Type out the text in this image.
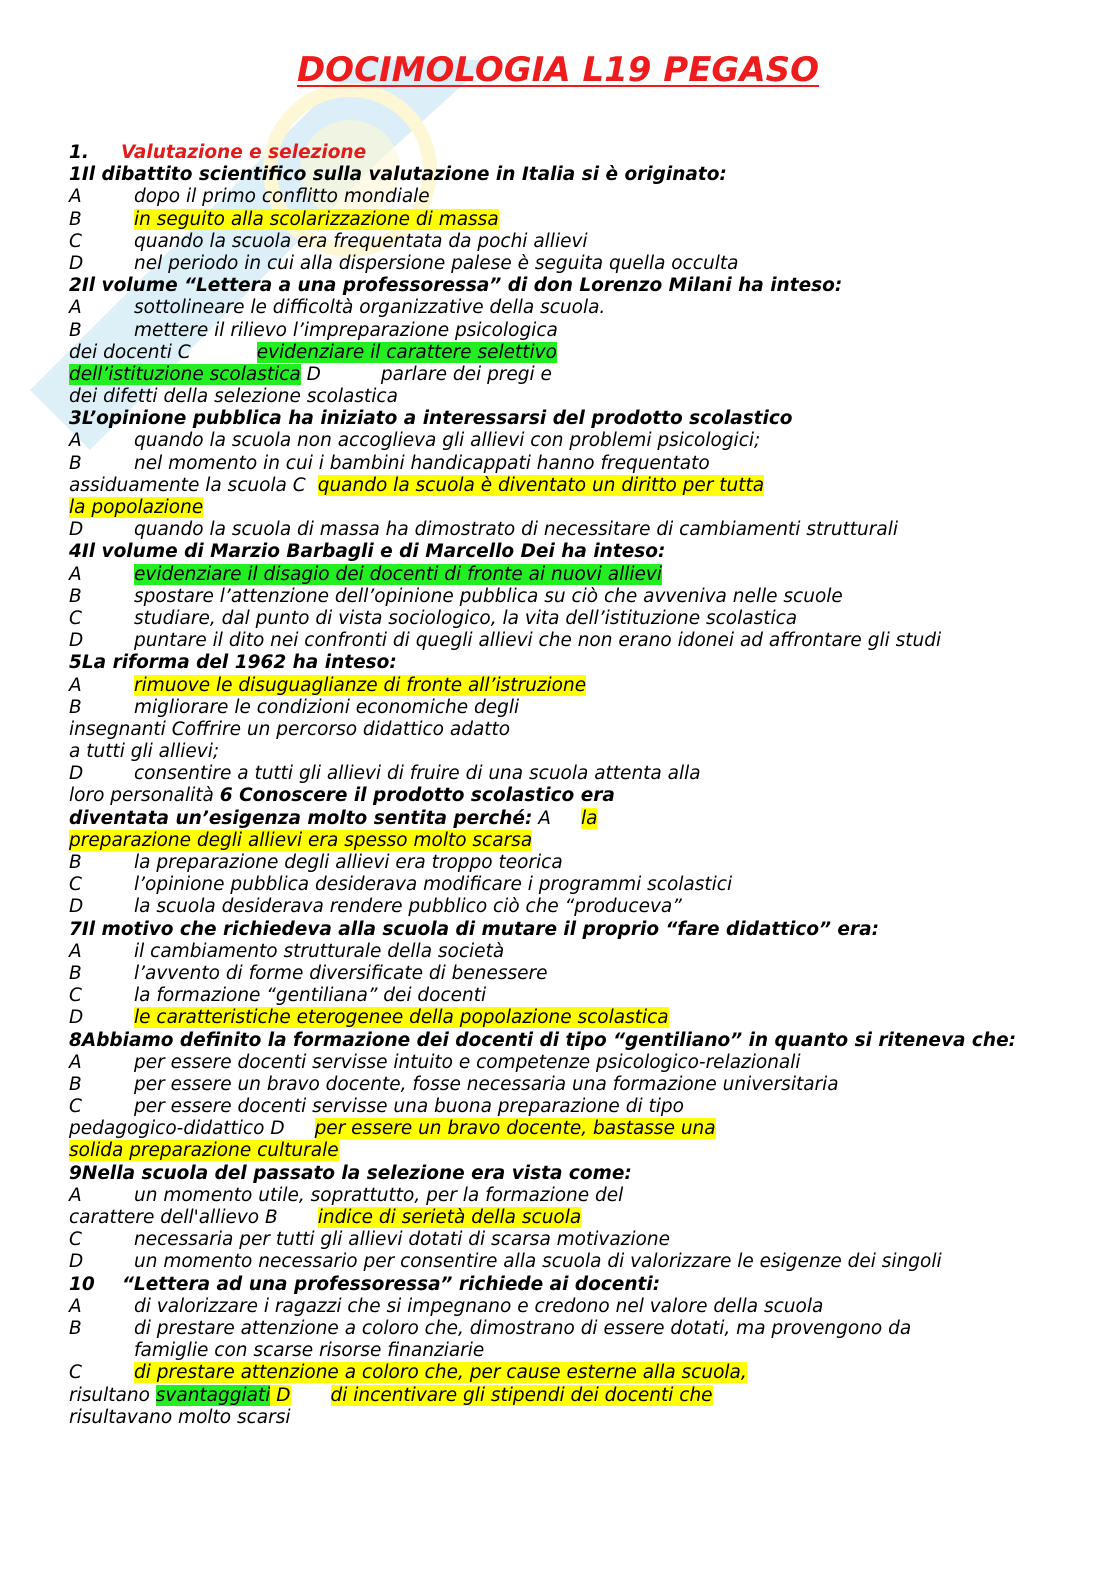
DOCIMOLOGIA L19 PEGASO
1. Valutazione e selezione
1Il dibattito scientifico sulla valutazione in Italia si è originato:
A	dopo il primo conflitto mondiale
B	in seguito alla scolarizzazione di massa
C	quando la scuola era frequentata da pochi allievi
D	nel periodo in cui alla dispersione palese è seguita quella occulta
2Il volume “Lettera a una professoressa” di don Lorenzo Milani ha inteso:
A	sottolineare le difficoltà organizzative della scuola.
B	mettere il rilievo l’impreparazione psicologica
dei docenti C	evidenziare il carattere selettivo
dell’istituzione scolastica D	parlare dei pregi e
dei difetti della selezione scolastica
3L’opinione pubblica ha iniziato a interessarsi del prodotto scolastico
A	quando la scuola non accoglieva gli allievi con problemi psicologici;
B	nel momento in cui i bambini handicappati hanno frequentato
assiduamente la scuola C quando la scuola è diventato un diritto per tutta
la popolazione
D	quando la scuola di massa ha dimostrato di necessitare di cambiamenti strutturali
4Il volume di Marzio Barbagli e di Marcello Dei ha inteso:
A	evidenziare il disagio dei docenti di fronte ai nuovi allievi
B	spostare l’attenzione dell’opinione pubblica su ciò che avveniva nelle scuole
C	studiare, dal punto di vista sociologico, la vita dell’istituzione scolastica
D	puntare il dito nei confronti di quegli allievi che non erano idonei ad affrontare gli studi
5La riforma del 1962 ha inteso:
A	rimuove le disuguaglianze di fronte all’istruzione
B	migliorare le condizioni economiche degli
insegnanti Coffrire un percorso didattico adatto
a tutti gli allievi;
D	consentire a tutti gli allievi di fruire di una scuola attenta alla
loro personalità 6 Conoscere il prodotto scolastico era
diventata un’esigenza molto sentita perché: A la
preparazione degli allievi era spesso molto scarsa
B	la preparazione degli allievi era troppo teorica
C	l’opinione pubblica desiderava modificare i programmi scolastici
D	la scuola desiderava rendere pubblico ciò che “produceva”
7Il motivo che richiedeva alla scuola di mutare il proprio “fare didattico” era:
A	il cambiamento strutturale della società
B	l’avvento di forme diversificate di benessere
C	la formazione “gentiliana” dei docenti
D	le caratteristiche eterogenee della popolazione scolastica
8Abbiamo definito la formazione dei docenti di tipo “gentiliano” in quanto si riteneva che:
A	per essere docenti servisse intuito e competenze psicologico-relazionali
B	per essere un bravo docente, fosse necessaria una formazione universitaria
C	per essere docenti servisse una buona preparazione di tipo
pedagogico-didattico D per essere un bravo docente, bastasse una
solida preparazione culturale
9Nella scuola del passato la selezione era vista come:
A	un momento utile, soprattutto, per la formazione del
carattere dell'allievo B indice di serietà della scuola
C	necessaria per tutti gli allievi dotati di scarsa motivazione
D	un momento necessario per consentire alla scuola di valorizzare le esigenze dei singoli
10 “Lettera ad una professoressa” richiede ai docenti:
A	di valorizzare i ragazzi che si impegnano e credono nel valore della scuola
B	di prestare attenzione a coloro che, dimostrano di essere dotati, ma provengono da
famiglie con scarse risorse finanziarie
C	di prestare attenzione a coloro che, per cause esterne alla scuola,
risultano svantaggiati D di incentivare gli stipendi dei docenti che
risultavano molto scarsi
